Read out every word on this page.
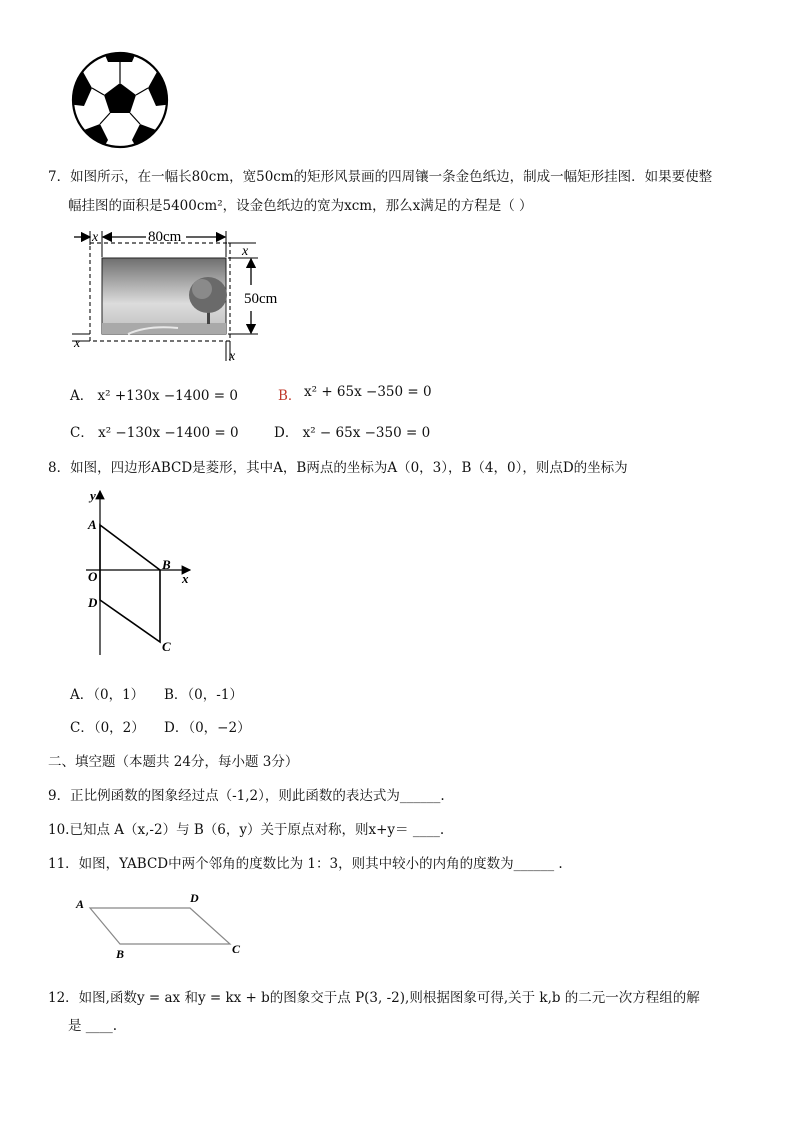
7．如图所示，在一幅长80cm，宽50cm的矩形风景画的四周镶一条金色纸边，制成一幅矩形挂图．如果要使整
幅挂图的面积是5400cm²，设金色纸边的宽为xcm，那么x满足的方程是（ ）
x	80cm
x
50cm
x
x
A． x² +130x −1400 = 0	B． x² + 65x −350 = 0
C． x² −130x −1400 = 0	D． x² − 65x −350 = 0
8．如图，四边形ABCD是菱形，其中A，B两点的坐标为A（0，3），B（4，0），则点D的坐标为
y
x
O
A
B
C
D
A．（0，1） B．（0，-1）
C．（0，2） D．（0，−2）
二、填空题（本题共 24分，每小题 3分）
9．正比例函数的图象经过点（-1,2），则此函数的表达式为______.
10.已知点 A（x,-2）与 B（6，y）关于原点对称，则x+y＝ ____.
11．如图，YABCD中两个邻角的度数比为 1：3，则其中较小的内角的度数为______ .
A	D
B	C
12．如图,函数y = ax 和y = kx + b的图象交于点 P(3, -2),则根据图象可得,关于 k,b 的二元一次方程组的解
是 ____.
